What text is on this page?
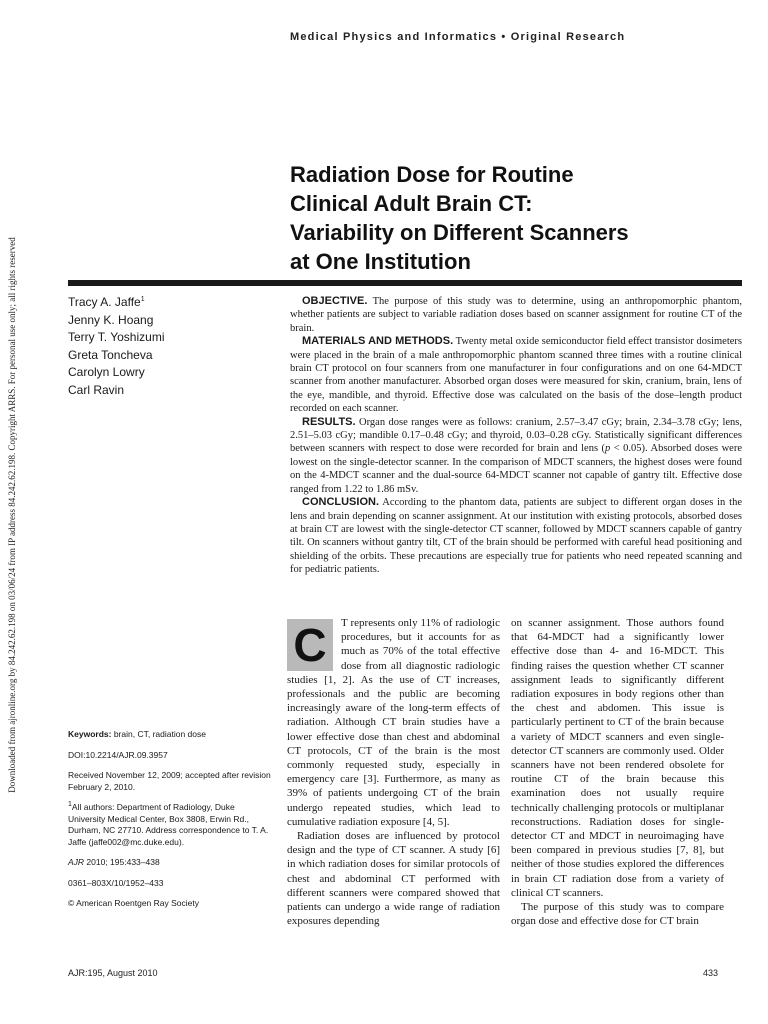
Medical Physics and Informatics • Original Research
Downloaded from ajronline.org by 84.242.62.198 on 03/06/24 from IP address 84.242.62.198. Copyright ARRS. For personal use only; all rights reserved
Radiation Dose for Routine
Clinical Adult Brain CT:
Variability on Different Scanners
at One Institution
Tracy A. Jaffe$^1$
Jenny K. Hoang
Terry T. Yoshizumi
Greta Toncheva
Carolyn Lowry
Carl Ravin

OBJECTIVE. The purpose of this study was to determine, using an anthropomorphic phantom, whether patients are subject to variable radiation doses based on scanner assignment for routine CT of the brain.

MATERIALS AND METHODS. Twenty metal oxide semiconductor field effect transistor dosimeters were placed in the brain of a male anthropomorphic phantom scanned three times with a routine clinical brain CT protocol on four scanners from one manufacturer in four configurations and on one 64-MDCT scanner from another manufacturer. Absorbed organ doses were measured for skin, cranium, brain, lens of the eye, mandible, and thyroid. Effective dose was calculated on the basis of the dose–length product recorded on each scanner.

RESULTS. Organ dose ranges were as follows: cranium, 2.57–3.47 cGy; brain, 2.34–3.78 cGy; lens, 2.51–5.03 cGy; mandible 0.17–0.48 cGy; and thyroid, 0.03–0.28 cGy. Statistically significant differences between scanners with respect to dose were recorded for brain and lens (p < 0.05). Absorbed doses were lowest on the single-detector scanner. In the comparison of MDCT scanners, the highest doses were found on the 4-MDCT scanner and the dual-source 64-MDCT scanner not capable of gantry tilt. Effective dose ranged from 1.22 to 1.86 mSv.

CONCLUSION. According to the phantom data, patients are subject to different organ doses in the lens and brain depending on scanner assignment. At our institution with existing protocols, absorbed doses at brain CT are lowest with the single-detector CT scanner, followed by MDCT scanners capable of gantry tilt. On scanners without gantry tilt, CT of the brain should be performed with careful head positioning and shielding of the orbits. These precautions are especially true for patients who need repeated scanning and for pediatric patients.

Keywords: brain, CT, radiation dose

DOI:10.2214/AJR.09.3957

Received November 12, 2009; accepted after revision February 2, 2010.

$^1$All authors: Department of Radiology, Duke University Medical Center, Box 3808, Erwin Rd., Durham, NC 27710. Address correspondence to T. A. Jaffe (jaffe002@mc.duke.edu).

AJR 2010; 195:433–438

0361–803X/10/1952–433

© American Roentgen Ray Society

C	T represents only 11% of radiologic procedures, but it accounts for as much as 70% of the total effective dose from all diagnostic radiologic studies [1, 2]. As the use of CT increases, professionals and the public are becoming increasingly aware of the long-term effects of radiation. Although CT brain studies have a lower effective dose than chest and abdominal CT protocols, CT of the brain is the most commonly requested study, especially in emergency care [3]. Furthermore, as many as 39% of patients undergoing CT of the brain undergo repeated studies, which lead to cumulative radiation exposure [4, 5].

Radiation doses are influenced by protocol design and the type of CT scanner. A study [6] in which radiation doses for similar protocols of chest and abdominal CT performed with different scanners were compared showed that patients can undergo a wide range of radiation exposures depending

on scanner assignment. Those authors found that 64-MDCT had a significantly lower effective dose than 4- and 16-MDCT. This finding raises the question whether CT scanner assignment leads to significantly different radiation exposures in body regions other than the chest and abdomen. This issue is particularly pertinent to CT of the brain because a variety of MDCT scanners and even single-detector CT scanners are commonly used. Older scanners have not been rendered obsolete for routine CT of the brain because this examination does not usually require technically challenging protocols or multiplanar reconstructions. Radiation doses for single-detector CT and MDCT in neuroimaging have been compared in previous studies [7, 8], but neither of those studies explored the differences in brain CT radiation dose from a variety of clinical CT scanners.

The purpose of this study was to compare organ dose and effective dose for CT brain

AJR:195, August 2010	433
